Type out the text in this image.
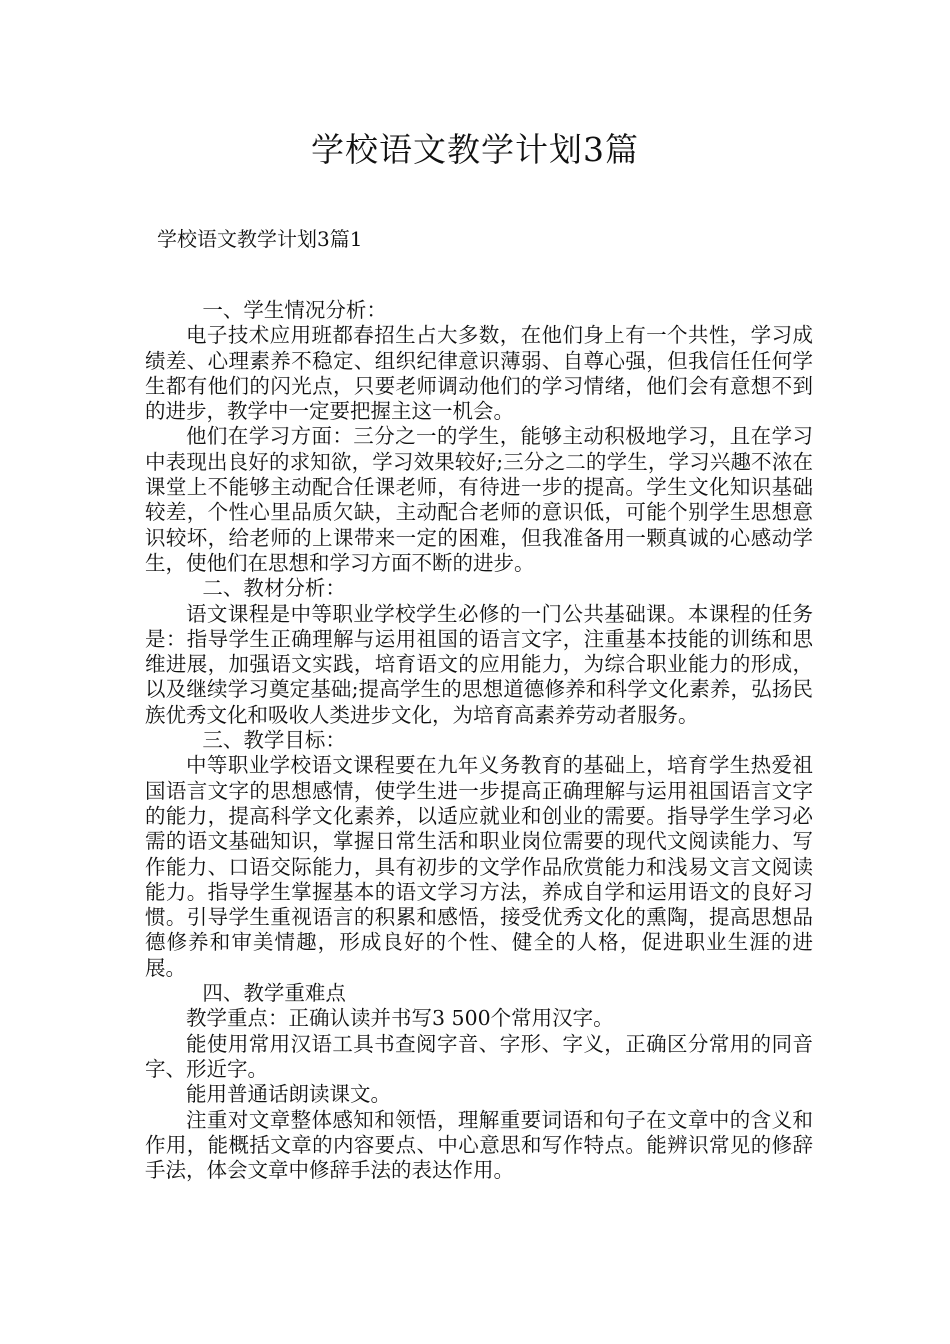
学校语文教学计划3篇

学校语文教学计划3篇1

一、学生情况分析：

电子技术应用班都春招生占大多数，在他们身上有一个共性，学习成绩差、心理素养不稳定、组织纪律意识薄弱、自尊心强，但我信任任何学生都有他们的闪光点，只要老师调动他们的学习情绪，他们会有意想不到的进步，教学中一定要把握主这一机会。

他们在学习方面：三分之一的学生，能够主动积极地学习，且在学习中表现出良好的求知欲，学习效果较好;三分之二的学生，学习兴趣不浓在课堂上不能够主动配合任课老师，有待进一步的提高。学生文化知识基础较差，个性心里品质欠缺，主动配合老师的意识低，可能个别学生思想意识较坏，给老师的上课带来一定的困难，但我准备用一颗真诚的心感动学生，使他们在思想和学习方面不断的进步。

二、教材分析：

语文课程是中等职业学校学生必修的一门公共基础课。本课程的任务是：指导学生正确理解与运用祖国的语言文字，注重基本技能的训练和思维进展，加强语文实践，培育语文的应用能力，为综合职业能力的形成，以及继续学习奠定基础;提高学生的思想道德修养和科学文化素养，弘扬民族优秀文化和吸收人类进步文化，为培育高素养劳动者服务。

三、教学目标：

中等职业学校语文课程要在九年义务教育的基础上，培育学生热爱祖国语言文字的思想感情，使学生进一步提高正确理解与运用祖国语言文字的能力，提高科学文化素养，以适应就业和创业的需要。指导学生学习必需的语文基础知识，掌握日常生活和职业岗位需要的现代文阅读能力、写作能力、口语交际能力，具有初步的文学作品欣赏能力和浅易文言文阅读能力。指导学生掌握基本的语文学习方法，养成自学和运用语文的良好习惯。引导学生重视语言的积累和感悟，接受优秀文化的熏陶，提高思想品德修养和审美情趣，形成良好的个性、健全的人格，促进职业生涯的进展。

四、教学重难点

教学重点：正确认读并书写3 500个常用汉字。

能使用常用汉语工具书查阅字音、字形、字义，正确区分常用的同音字、形近字。

能用普通话朗读课文。

注重对文章整体感知和领悟，理解重要词语和句子在文章中的含义和作用，能概括文章的内容要点、中心意思和写作特点。能辨识常见的修辞手法，体会文章中修辞手法的表达作用。
